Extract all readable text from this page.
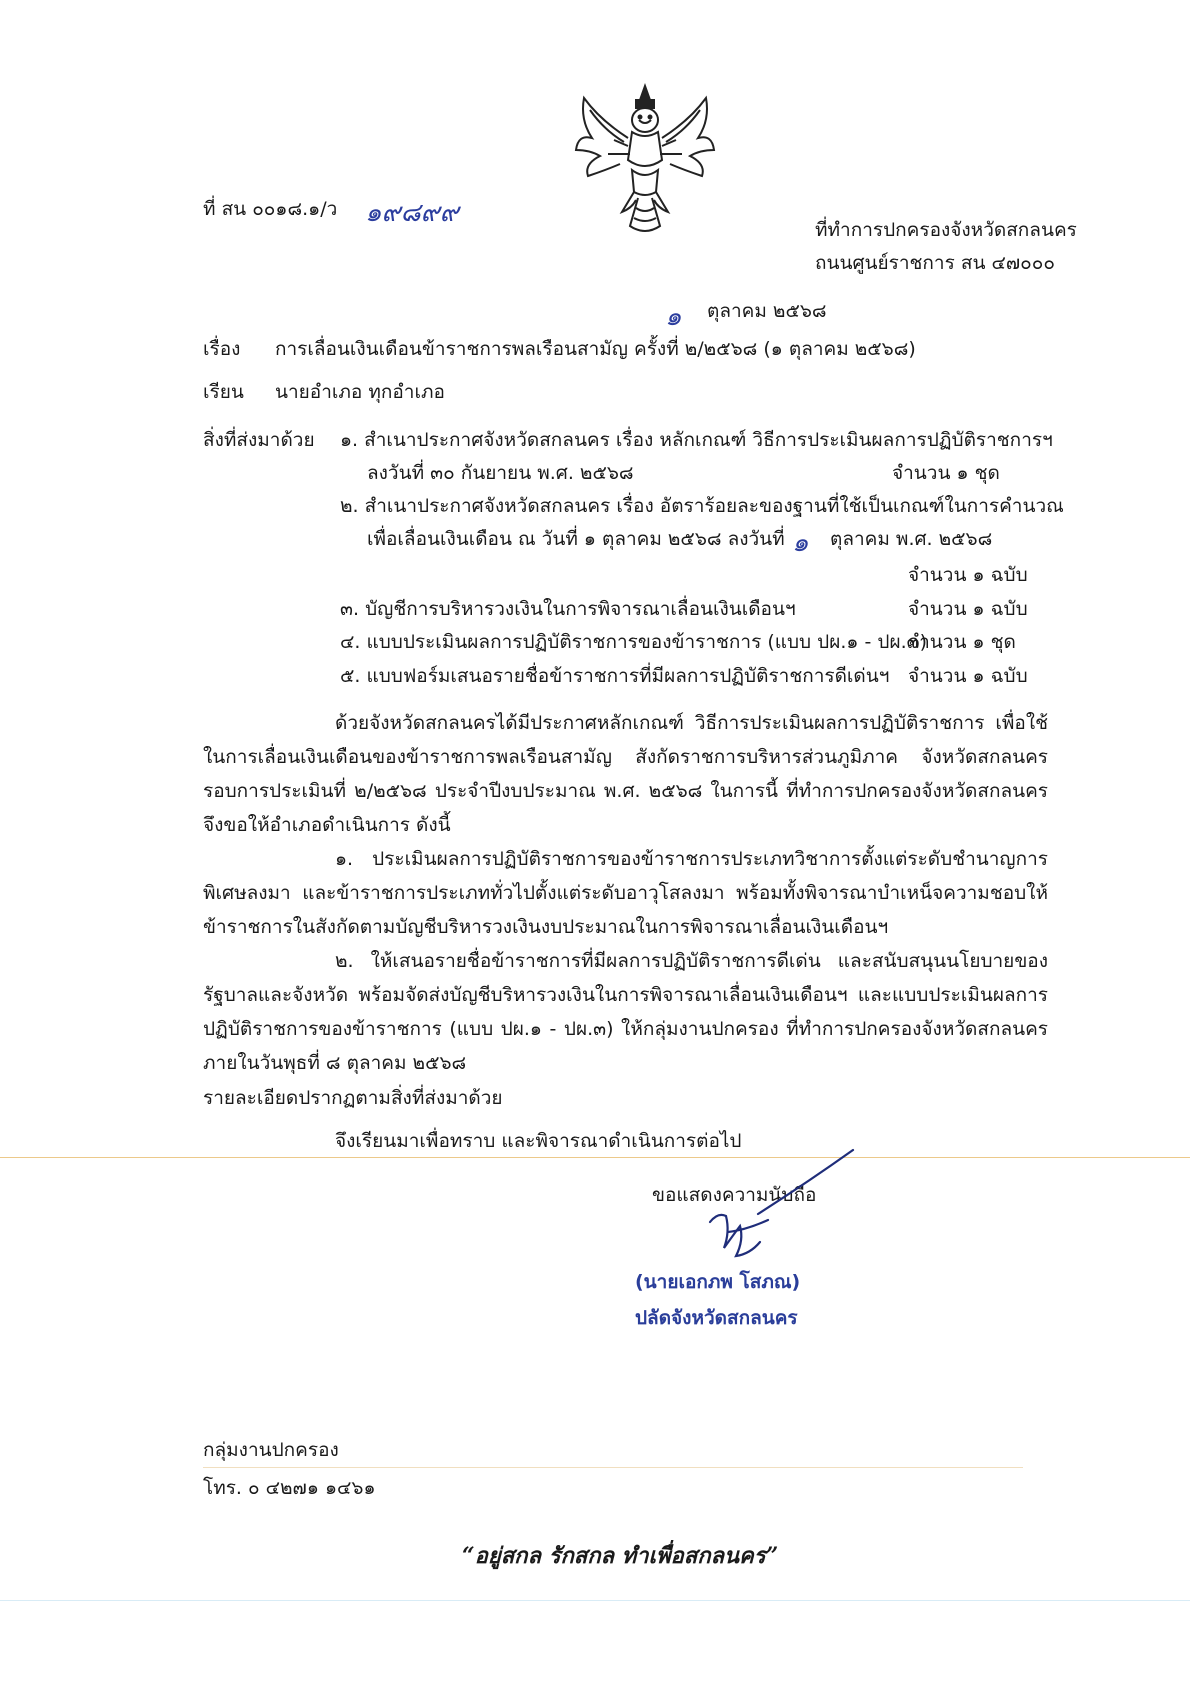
ที่ สน ๐๐๑๘.๑/ว ๑๙๘๙๙
ที่ทำการปกครองจังหวัดสกลนคร
ถนนศูนย์ราชการ สน ๔๗๐๐๐
๑ ตุลาคม ๒๕๖๘
เรื่อง การเลื่อนเงินเดือนข้าราชการพลเรือนสามัญ ครั้งที่ ๒/๒๕๖๘ (๑ ตุลาคม ๒๕๖๘)
เรียน นายอำเภอ ทุกอำเภอ
สิ่งที่ส่งมาด้วย ๑. สำเนาประกาศจังหวัดสกลนคร เรื่อง หลักเกณฑ์ วิธีการประเมินผลการปฏิบัติราชการฯ
ลงวันที่ ๓๐ กันยายน พ.ศ. ๒๕๖๘	จำนวน ๑ ชุด
๒. สำเนาประกาศจังหวัดสกลนคร เรื่อง อัตราร้อยละของฐานที่ใช้เป็นเกณฑ์ในการคำนวณ
เพื่อเลื่อนเงินเดือน ณ วันที่ ๑ ตุลาคม ๒๕๖๘ ลงวันที่ ๑ ตุลาคม พ.ศ. ๒๕๖๘
จำนวน ๑ ฉบับ
๓. บัญชีการบริหารวงเงินในการพิจารณาเลื่อนเงินเดือนฯ	จำนวน ๑ ฉบับ
๔. แบบประเมินผลการปฏิบัติราชการของข้าราชการ (แบบ ปผ.๑ - ปผ.๓)
จำนวน ๑ ชุด
๕. แบบฟอร์มเสนอรายชื่อข้าราชการที่มีผลการปฏิบัติราชการดีเด่นฯ จำนวน ๑ ฉบับ
ด้วยจังหวัดสกลนครได้มีประกาศหลักเกณฑ์ วิธีการประเมินผลการปฏิบัติราชการ เพื่อใช้ในการเลื่อนเงินเดือนของข้าราชการพลเรือนสามัญ สังกัดราชการบริหารส่วนภูมิภาค จังหวัดสกลนคร รอบการประเมินที่ ๒/๒๕๖๘ ประจำปีงบประมาณ พ.ศ. ๒๕๖๘ ในการนี้ ที่ทำการปกครองจังหวัดสกลนคร จึงขอให้อำเภอดำเนินการ ดังนี้
๑. ประเมินผลการปฏิบัติราชการของข้าราชการประเภทวิชาการตั้งแต่ระดับชำนาญการพิเศษลงมา และข้าราชการประเภททั่วไปตั้งแต่ระดับอาวุโสลงมา พร้อมทั้งพิจารณาบำเหน็จความชอบให้ข้าราชการในสังกัดตามบัญชีบริหารวงเงินงบประมาณในการพิจารณาเลื่อนเงินเดือนฯ
๒. ให้เสนอรายชื่อข้าราชการที่มีผลการปฏิบัติราชการดีเด่น และสนับสนุนนโยบายของรัฐบาลและจังหวัด พร้อมจัดส่งบัญชีบริหารวงเงินในการพิจารณาเลื่อนเงินเดือนฯ และแบบประเมินผลการปฏิบัติราชการของข้าราชการ (แบบ ปผ.๑ - ปผ.๓) ให้กลุ่มงานปกครอง ที่ทำการปกครองจังหวัดสกลนคร ภายในวันพุธที่ ๘ ตุลาคม ๒๕๖๘
รายละเอียดปรากฏตามสิ่งที่ส่งมาด้วย
จึงเรียนมาเพื่อทราบ และพิจารณาดำเนินการต่อไป
ขอแสดงความนับถือ
(นายเอกภพ โสภณ)
ปลัดจังหวัดสกลนคร
กลุ่มงานปกครอง
โทร. ๐ ๔๒๗๑ ๑๔๖๑
“อยู่สกล รักสกล ทำเพื่อสกลนคร”
